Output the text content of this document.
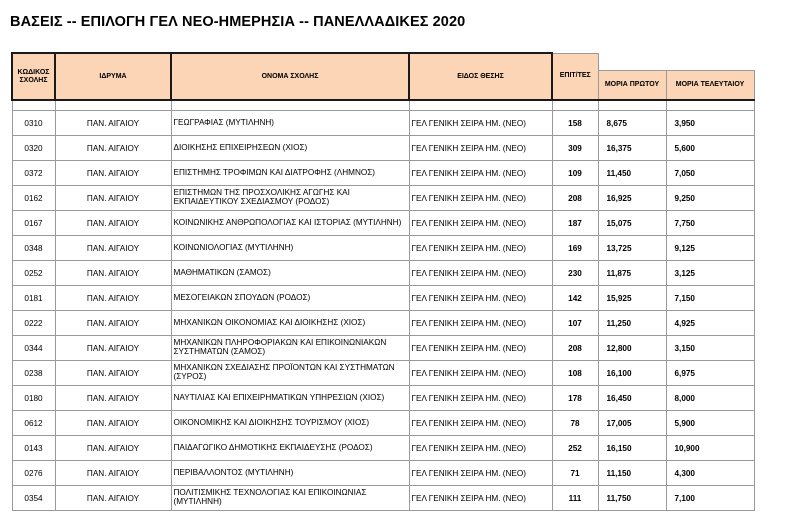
ΒΑΣΕΙΣ -- ΕΠΙΛΟΓΗ ΓΕΛ ΝΕΟ-ΗΜΕΡΗΣΙΑ -- ΠΑΝΕΛΛΑΔΙΚΕΣ 2020
ΚΩΔΙΚΟΣ ΣΧΟΛΗΣ	ΙΔΡΥΜΑ	ΟΝΟΜΑ ΣΧΟΛΗΣ	ΕΙΔΟΣ ΘΕΣΗΣ	ΕΠΙΤ/ΤΕΣ		
					ΜΟΡΙΑ ΠΡΩΤΟΥ	ΜΟΡΙΑ ΤΕΛΕΥΤΑΙΟΥ

0310	ΠΑΝ. ΑΙΓΑΙΟΥ	ΓΕΩΓΡΑΦΙΑΣ (ΜΥΤΙΛΗΝΗ)	ΓΕΛ ΓΕΝΙΚΗ ΣΕΙΡΑ ΗΜ. (ΝΕΟ)	158	8,675	3,950
0320	ΠΑΝ. ΑΙΓΑΙΟΥ	ΔΙΟΙΚΗΣΗΣ ΕΠΙΧΕΙΡΗΣΕΩΝ (ΧΙΟΣ)	ΓΕΛ ΓΕΝΙΚΗ ΣΕΙΡΑ ΗΜ. (ΝΕΟ)	309	16,375	5,600
0372	ΠΑΝ. ΑΙΓΑΙΟΥ	ΕΠΙΣΤΗΜΗΣ ΤΡΟΦΙΜΩΝ ΚΑΙ ΔΙΑΤΡΟΦΗΣ (ΛΗΜΝΟΣ)	ΓΕΛ ΓΕΝΙΚΗ ΣΕΙΡΑ ΗΜ. (ΝΕΟ)	109	11,450	7,050
0162	ΠΑΝ. ΑΙΓΑΙΟΥ	ΕΠΙΣΤΗΜΩΝ ΤΗΣ ΠΡΟΣΧΟΛΙΚΗΣ ΑΓΩΓΗΣ ΚΑΙ ΕΚΠΑΙΔΕΥΤΙΚΟΥ ΣΧΕΔΙΑΣΜΟΥ (ΡΟΔΟΣ)	ΓΕΛ ΓΕΝΙΚΗ ΣΕΙΡΑ ΗΜ. (ΝΕΟ)	208	16,925	9,250
0167	ΠΑΝ. ΑΙΓΑΙΟΥ	ΚΟΙΝΩΝΙΚΗΣ ΑΝΘΡΩΠΟΛΟΓΙΑΣ ΚΑΙ ΙΣΤΟΡΙΑΣ (ΜΥΤΙΛΗΝΗ)	ΓΕΛ ΓΕΝΙΚΗ ΣΕΙΡΑ ΗΜ. (ΝΕΟ)	187	15,075	7,750
0348	ΠΑΝ. ΑΙΓΑΙΟΥ	ΚΟΙΝΩΝΙΟΛΟΓΙΑΣ (ΜΥΤΙΛΗΝΗ)	ΓΕΛ ΓΕΝΙΚΗ ΣΕΙΡΑ ΗΜ. (ΝΕΟ)	169	13,725	9,125
0252	ΠΑΝ. ΑΙΓΑΙΟΥ	ΜΑΘΗΜΑΤΙΚΩΝ (ΣΑΜΟΣ)	ΓΕΛ ΓΕΝΙΚΗ ΣΕΙΡΑ ΗΜ. (ΝΕΟ)	230	11,875	3,125
0181	ΠΑΝ. ΑΙΓΑΙΟΥ	ΜΕΣΟΓΕΙΑΚΩΝ ΣΠΟΥΔΩΝ (ΡΟΔΟΣ)	ΓΕΛ ΓΕΝΙΚΗ ΣΕΙΡΑ ΗΜ. (ΝΕΟ)	142	15,925	7,150
0222	ΠΑΝ. ΑΙΓΑΙΟΥ	ΜΗΧΑΝΙΚΩΝ ΟΙΚΟΝΟΜΙΑΣ ΚΑΙ ΔΙΟΙΚΗΣΗΣ (ΧΙΟΣ)	ΓΕΛ ΓΕΝΙΚΗ ΣΕΙΡΑ ΗΜ. (ΝΕΟ)	107	11,250	4,925
0344	ΠΑΝ. ΑΙΓΑΙΟΥ	ΜΗΧΑΝΙΚΩΝ ΠΛΗΡΟΦΟΡΙΑΚΩΝ ΚΑΙ ΕΠΙΚΟΙΝΩΝΙΑΚΩΝ ΣΥΣΤΗΜΑΤΩΝ (ΣΑΜΟΣ)	ΓΕΛ ΓΕΝΙΚΗ ΣΕΙΡΑ ΗΜ. (ΝΕΟ)	208	12,800	3,150
0238	ΠΑΝ. ΑΙΓΑΙΟΥ	ΜΗΧΑΝΙΚΩΝ ΣΧΕΔΙΑΣΗΣ ΠΡΟΪΟΝΤΩΝ ΚΑΙ ΣΥΣΤΗΜΑΤΩΝ (ΣΥΡΟΣ)	ΓΕΛ ΓΕΝΙΚΗ ΣΕΙΡΑ ΗΜ. (ΝΕΟ)	108	16,100	6,975
0180	ΠΑΝ. ΑΙΓΑΙΟΥ	ΝΑΥΤΙΛΙΑΣ ΚΑΙ ΕΠΙΧΕΙΡΗΜΑΤΙΚΩΝ ΥΠΗΡΕΣΙΩΝ (ΧΙΟΣ)	ΓΕΛ ΓΕΝΙΚΗ ΣΕΙΡΑ ΗΜ. (ΝΕΟ)	178	16,450	8,000
0612	ΠΑΝ. ΑΙΓΑΙΟΥ	ΟΙΚΟΝΟΜΙΚΗΣ ΚΑΙ ΔΙΟΙΚΗΣΗΣ ΤΟΥΡΙΣΜΟΥ (ΧΙΟΣ)	ΓΕΛ ΓΕΝΙΚΗ ΣΕΙΡΑ ΗΜ. (ΝΕΟ)	78	17,005	5,900
0143	ΠΑΝ. ΑΙΓΑΙΟΥ	ΠΑΙΔΑΓΩΓΙΚΟ ΔΗΜΟΤΙΚΗΣ ΕΚΠΑΙΔΕΥΣΗΣ (ΡΟΔΟΣ)	ΓΕΛ ΓΕΝΙΚΗ ΣΕΙΡΑ ΗΜ. (ΝΕΟ)	252	16,150	10,900
0276	ΠΑΝ. ΑΙΓΑΙΟΥ	ΠΕΡΙΒΑΛΛΟΝΤΟΣ (ΜΥΤΙΛΗΝΗ)	ΓΕΛ ΓΕΝΙΚΗ ΣΕΙΡΑ ΗΜ. (ΝΕΟ)	71	11,150	4,300
0354	ΠΑΝ. ΑΙΓΑΙΟΥ	ΠΟΛΙΤΙΣΜΙΚΗΣ ΤΕΧΝΟΛΟΓΙΑΣ ΚΑΙ ΕΠΙΚΟΙΝΩΝΙΑΣ (ΜΥΤΙΛΗΝΗ)	ΓΕΛ ΓΕΝΙΚΗ ΣΕΙΡΑ ΗΜ. (ΝΕΟ)	111	11,750	7,100
